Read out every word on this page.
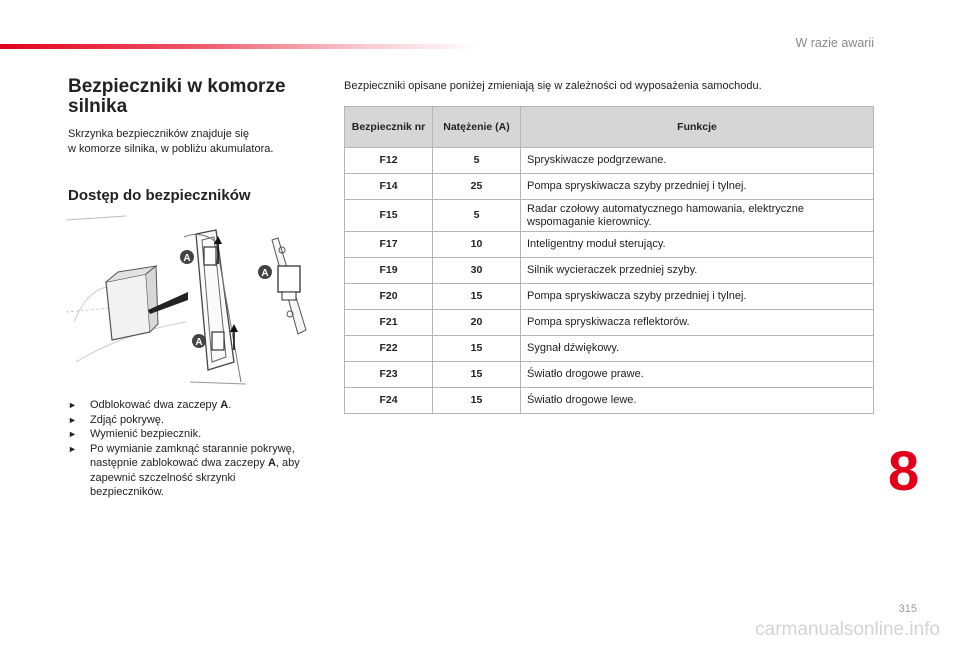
W razie awarii
Bezpieczniki w komorze silnika
Skrzynka bezpieczników znajduje się
w komorze silnika, w pobliżu akumulatora.
Dostęp do bezpieczników
A
A
A
► Odblokować dwa zaczepy A.
► Zdjąć pokrywę.
► Wymienić bezpiecznik.
► Po wymianie zamknąć starannie pokrywę, następnie zablokować dwa zaczepy A, aby zapewnić szczelność skrzynki bezpieczników.
Bezpieczniki opisane poniżej zmieniają się w zależności od wyposażenia samochodu.
Bezpiecznik nr	Natężenie (A)	Funkcje
F12	5	Spryskiwacze podgrzewane.
F14	25	Pompa spryskiwacza szyby przedniej i tylnej.
F15	5	Radar czołowy automatycznego hamowania, elektryczne wspomaganie kierownicy.
F17	10	Inteligentny moduł sterujący.
F19	30	Silnik wycieraczek przedniej szyby.
F20	15	Pompa spryskiwacza szyby przedniej i tylnej.
F21	20	Pompa spryskiwacza reflektorów.
F22	15	Sygnał dźwiękowy.
F23	15	Światło drogowe prawe.
F24	15	Światło drogowe lewe.
8
315
carmanualsonline.info
